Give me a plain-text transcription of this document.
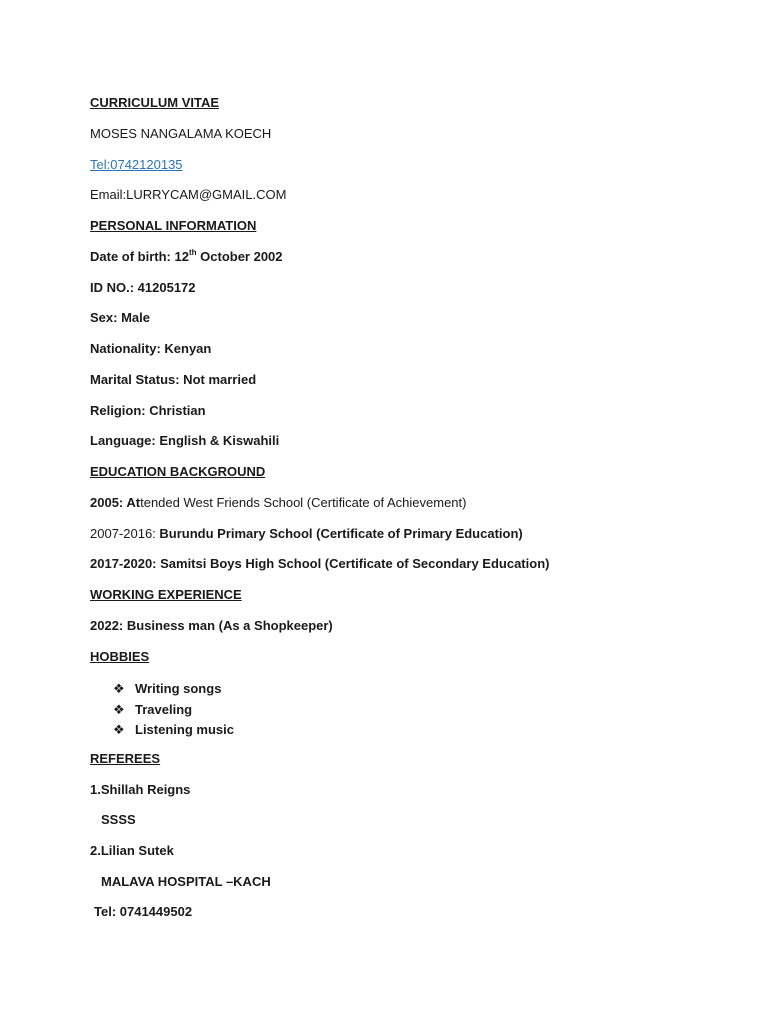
CURRICULUM VITAE
MOSES NANGALAMA KOECH
Tel:0742120135
Email:LURRYCAM@GMAIL.COM
PERSONAL INFORMATION
Date of birth: 12th October 2002
ID NO.: 41205172
Sex: Male
Nationality: Kenyan
Marital Status: Not married
Religion: Christian
Language: English & Kiswahili
EDUCATION BACKGROUND
2005: Attended West Friends School (Certificate of Achievement)
2007-2016: Burundu Primary School (Certificate of Primary Education)
2017-2020: Samitsi Boys High School (Certificate of Secondary Education)
WORKING EXPERIENCE
2022: Business man (As a Shopkeeper)
HOBBIES
❖ Writing songs
❖ Traveling
❖ Listening music
REFEREES
1.Shillah Reigns
SSSS
2.Lilian Sutek
MALAVA HOSPITAL –KACH
Tel: 0741449502
